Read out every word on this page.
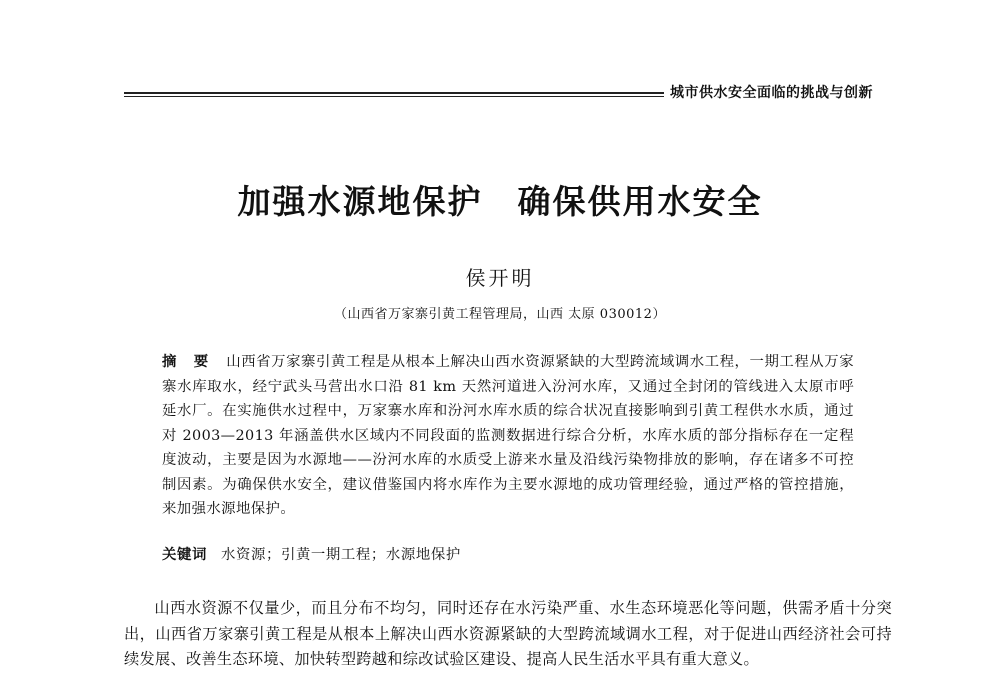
城市供水安全面临的挑战与创新
加强水源地保护　确保供用水安全
侯开明
（山西省万家寨引黄工程管理局，山西 太原 030012）
摘 要 山西省万家寨引黄工程是从根本上解决山西水资源紧缺的大型跨流域调水工程，一期工程从万家寨水库取水，经宁武头马营出水口沿 81 km 天然河道进入汾河水库，又通过全封闭的管线进入太原市呼延水厂。在实施供水过程中，万家寨水库和汾河水库水质的综合状况直接影响到引黄工程供水水质，通过对 2003—2013 年涵盖供水区域内不同段面的监测数据进行综合分析，水库水质的部分指标存在一定程度波动，主要是因为水源地——汾河水库的水质受上游来水量及沿线污染物排放的影响，存在诸多不可控制因素。为确保供水安全，建议借鉴国内将水库作为主要水源地的成功管理经验，通过严格的管控措施，来加强水源地保护。
关键词 水资源；引黄一期工程；水源地保护
山西水资源不仅量少，而且分布不均匀，同时还存在水污染严重、水生态环境恶化等问题，供需矛盾十分突出，山西省万家寨引黄工程是从根本上解决山西水资源紧缺的大型跨流域调水工程，对于促进山西经济社会可持续发展、改善生态环境、加快转型跨越和综改试验区建设、提高人民生活水平具有重大意义。
